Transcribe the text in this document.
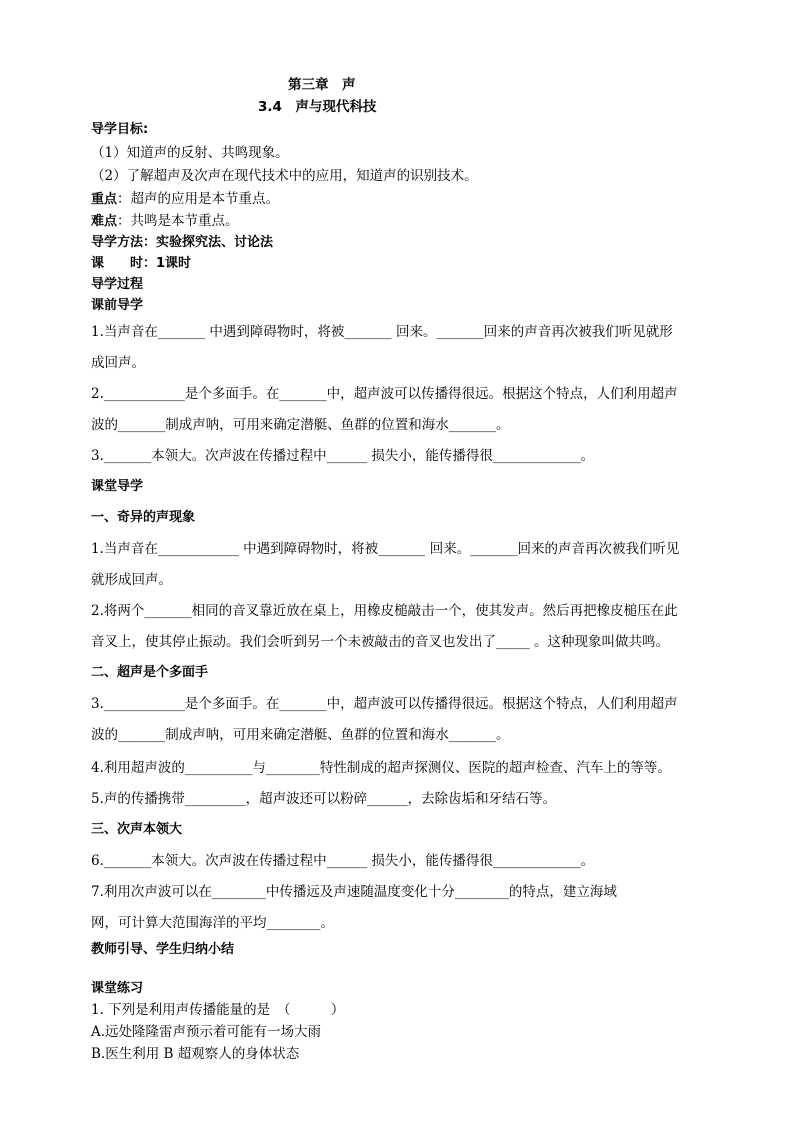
第三章　声
3.4　声与现代科技
导学目标:
（1）知道声的反射、共鸣现象。
（2）了解超声及次声在现代技术中的应用，知道声的识别技术。
重点：超声的应用是本节重点。
难点：共鸣是本节重点。
导学方法：实验探究法、讨论法
课　　时：1课时
导学过程
课前导学
1.当声音在_______ 中遇到障碍物时，将被_______ 回来。_______回来的声音再次被我们听见就形
成回声。
2.____________是个多面手。在_______中，超声波可以传播得很远。根据这个特点，人们利用超声
波的_______制成声呐，可用来确定潜艇、鱼群的位置和海水_______。
3._______本领大。次声波在传播过程中______ 损失小，能传播得很_____________。
课堂导学
一、奇异的声现象
1.当声音在____________ 中遇到障碍物时，将被_______ 回来。_______回来的声音再次被我们听见
就形成回声。
2.将两个_______相同的音叉靠近放在桌上，用橡皮槌敲击一个，使其发声。然后再把橡皮槌压在此
音叉上，使其停止振动。我们会听到另一个未被敲击的音叉也发出了_____ 。这种现象叫做共鸣。
二、超声是个多面手
3.____________是个多面手。在_______中，超声波可以传播得很远。根据这个特点，人们利用超声
波的_______制成声呐，可用来确定潜艇、鱼群的位置和海水_______。
4.利用超声波的__________与________特性制成的超声探测仪、医院的超声检查、汽车上的等等。
5.声的传播携带_________，超声波还可以粉碎______，去除齿垢和牙结石等。
三、次声本领大
6._______本领大。次声波在传播过程中______ 损失小，能传播得很_____________。
7.利用次声波可以在________中传播远及声速随温度变化十分________的特点，建立海域
网，可计算大范围海洋的平均________。
教师引导、学生归纳小结
课堂练习
1. 下列是利用声传播能量的是　（　　　）
A.远处隆隆雷声预示着可能有一场大雨
B.医生利用 B 超观察人的身体状态
